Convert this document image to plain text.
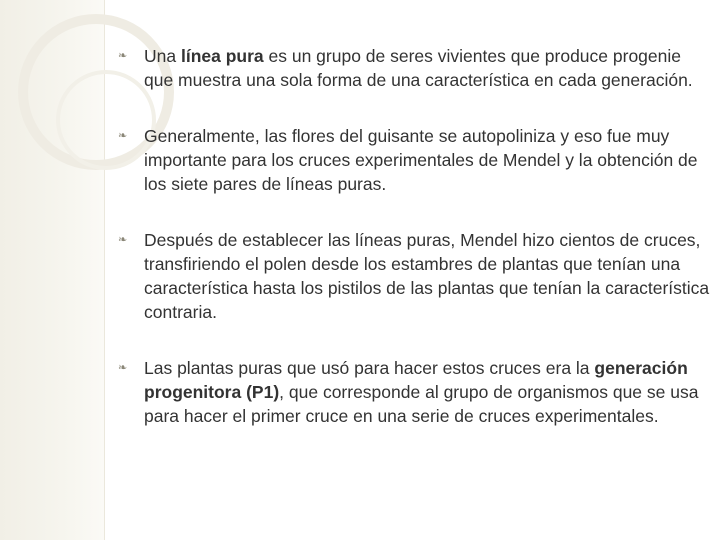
❧ Una línea pura es un grupo de seres vivientes que produce progenie que muestra una sola forma de una característica en cada generación.

❧ Generalmente, las flores del guisante se autopoliniza y eso fue muy importante para los cruces experimentales de Mendel y la obtención de los siete pares de líneas puras.

❧ Después de establecer las líneas puras, Mendel hizo cientos de cruces, transfiriendo el polen desde los estambres de plantas que tenían una característica hasta los pistilos de las plantas que tenían la característica contraria.

❧ Las plantas puras que usó para hacer estos cruces era la generación progenitora (P1), que corresponde al grupo de organismos que se usa para hacer el primer cruce en una serie de cruces experimentales.
